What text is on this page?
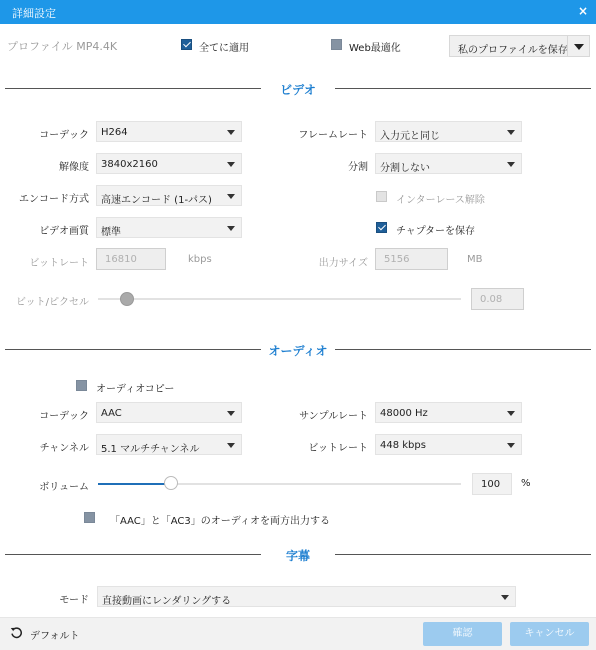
詳細設定	×
プロファイル MP4.4K	全てに適用	Web最適化	私のプロファイルを保存
ビデオ
コーデック H264
解像度 3840x2160
エンコード方式 高速エンコード (1-パス)
ビデオ画質 標準
ビットレート 16810	kbps
フレームレート 入力元と同じ
分割 分割しない
インターレース解除
チャプターを保存
出力サイズ 5156	MB
ビット/ピクセル	0.08
オーディオ
オーディオコピー
コーデック AAC
チャンネル 5.1 マルチチャンネル
サンプルレート 48000 Hz
ビットレート 448 kbps
ボリューム	100 %
「AAC」と「AC3」のオーディオを両方出力する
字幕
モード 直接動画にレンダリングする
デフォルト	確認	キャンセル
